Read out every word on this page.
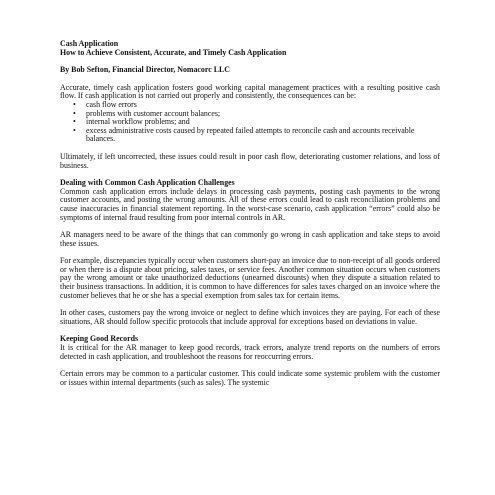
Cash Application
How to Achieve Consistent, Accurate, and Timely Cash Application
By Bob Sefton, Financial Director, Nomacorc LLC

Accurate, timely cash application fosters good working capital management practices with a resulting positive cash flow. If cash application is not carried out properly and consistently, the consequences can be:

• cash flow errors
• problems with customer account balances;
• internal workflow problems; and
• excess administrative costs caused by repeated failed attempts to reconcile cash and accounts receivable balances.

Ultimately, if left uncorrected, these issues could result in poor cash flow, deteriorating customer relations, and loss of business.

Dealing with Common Cash Application Challenges

Common cash application errors include delays in processing cash payments, posting cash payments to the wrong customer accounts, and posting the wrong amounts. All of these errors could lead to cash reconciliation problems and cause inaccuracies in financial statement reporting. In the worst-case scenario, cash application “errors” could also be symptoms of internal fraud resulting from poor internal controls in AR.

AR managers need to be aware of the things that can commonly go wrong in cash application and take steps to avoid these issues.

For example, discrepancies typically occur when customers short-pay an invoice due to non-receipt of all goods ordered or when there is a dispute about pricing, sales taxes, or service fees. Another common situation occurs when customers pay the wrong amount or take unauthorized deductions (unearned discounts) when they dispute a situation related to their business transactions. In addition, it is common to have differences for sales taxes charged on an invoice where the customer believes that he or she has a special exemption from sales tax for certain items.

In other cases, customers pay the wrong invoice or neglect to define which invoices they are paying. For each of these situations, AR should follow specific protocols that include approval for exceptions based on deviations in value.

Keeping Good Records

It is critical for the AR manager to keep good records, track errors, analyze trend reports on the numbers of errors detected in cash application, and troubleshoot the reasons for reoccurring errors.

Certain errors may be common to a particular customer. This could indicate some systemic problem with the customer or issues within internal departments (such as sales). The systemic
